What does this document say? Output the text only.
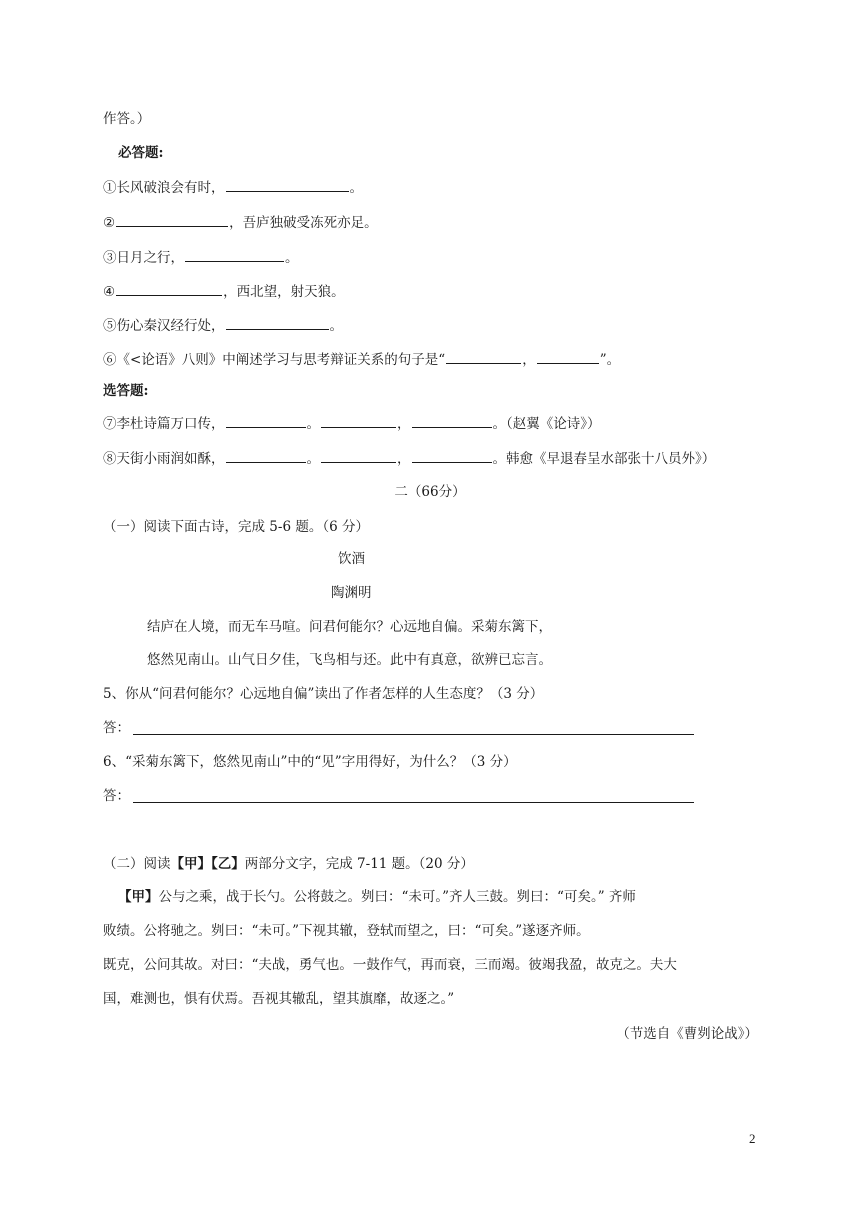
作答。）
必答题:
①长风破浪会有时，	。
②	，吾庐独破受冻死亦足。
③日月之行，	。
④	，西北望，射天狼。
⑤伤心秦汉经行处，	。
⑥《<论语》八则》中阐述学习与思考辩证关系的句子是“	，	”。
选答题:
⑦李杜诗篇万口传，	。	，	。（赵翼《论诗》）
⑧天街小雨润如酥，	。	，	。韩愈《早退春呈水部张十八员外》）
二（66分）
（一）阅读下面古诗，完成 5-6 题。（6 分）
饮酒
陶渊明
结庐在人境，而无车马喧。问君何能尔？心远地自偏。采菊东篱下，
悠然见南山。山气日夕佳，飞鸟相与还。此中有真意，欲辨已忘言。
5、你从“问君何能尔？心远地自偏”读出了作者怎样的人生态度？（3 分）
答：
6、“采菊东篱下，悠然见南山”中的“见”字用得好，为什么？（3 分）
答：
（二）阅读【甲】【乙】两部分文字，完成 7-11 题。（20 分）
【甲】公与之乘，战于长勺。公将鼓之。刿曰：“未可。”齐人三鼓。刿曰：“可矣。” 齐师
败绩。公将驰之。刿曰：“未可。”下视其辙，登轼而望之，曰：“可矣。”遂逐齐师。
既克，公问其故。对曰：“夫战，勇气也。一鼓作气，再而衰，三而竭。彼竭我盈，故克之。夫大
国，难测也，惧有伏焉。吾视其辙乱，望其旗靡，故逐之。”
（节选自《曹刿论战》）
2
